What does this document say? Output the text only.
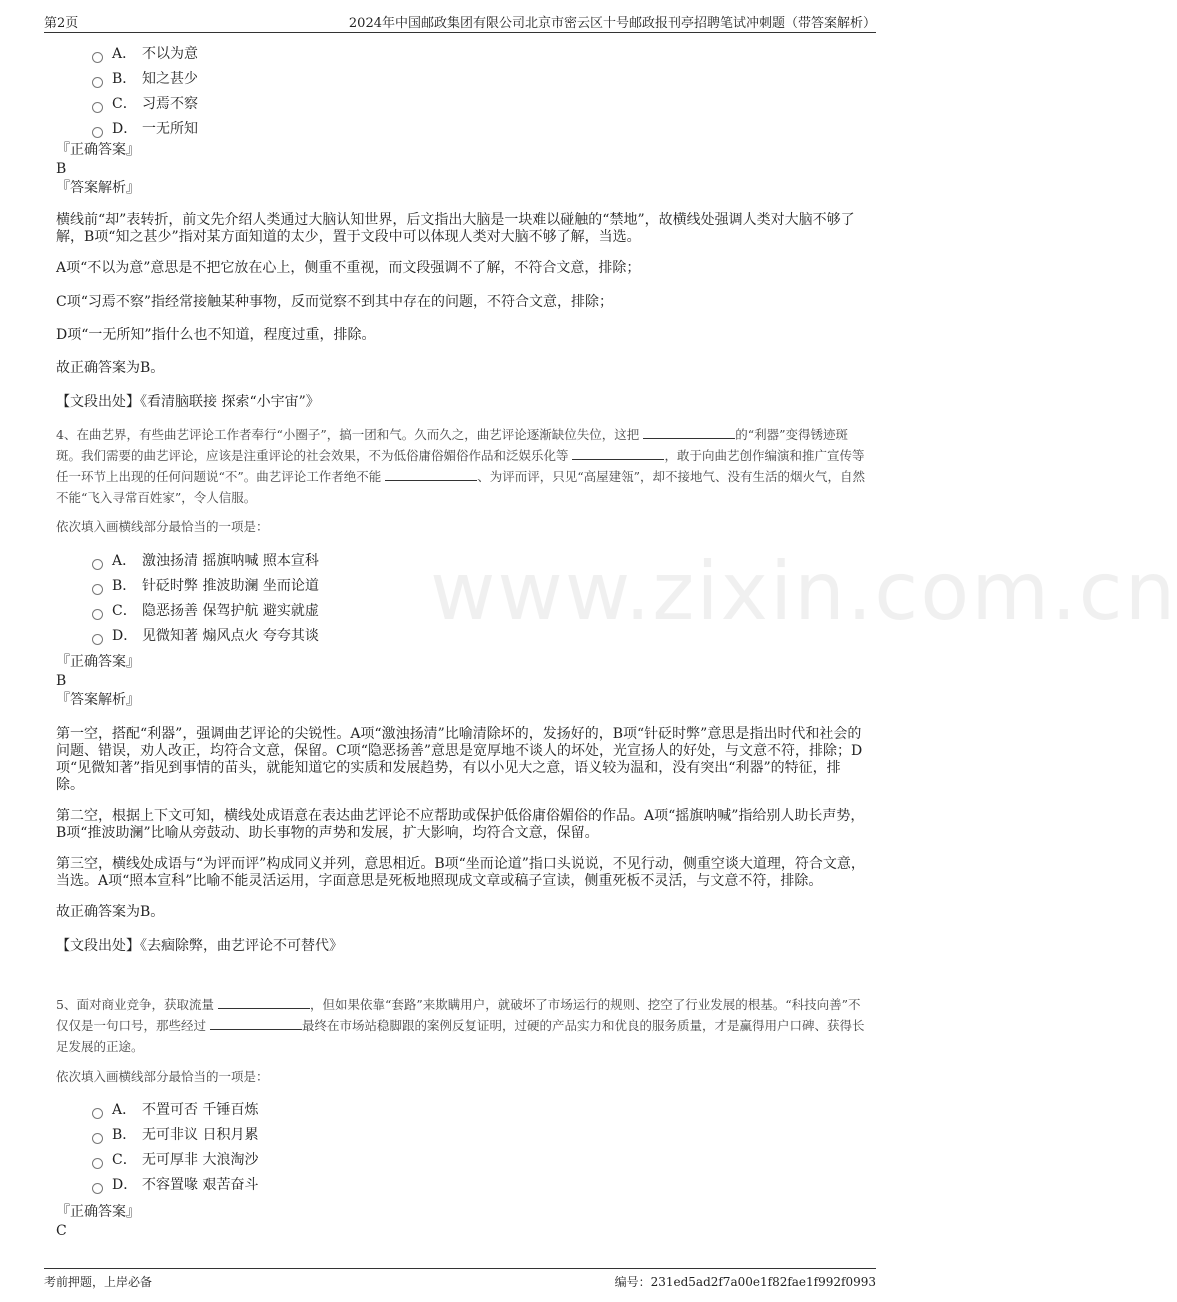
第2页	2024年中国邮政集团有限公司北京市密云区十号邮政报刊亭招聘笔试冲刺题（带答案解析）
www.zixin.com.cn
A． 不以为意
B． 知之甚少
C． 习焉不察
D． 一无所知
『正确答案』
B
『答案解析』

横线前“却”表转折，前文先介绍人类通过大脑认知世界，后文指出大脑是一块难以碰触的“禁地”，故横线处强调人类对大脑不够了解，B项“知之甚少”指对某方面知道的太少，置于文段中可以体现人类对大脑不够了解，当选。

A项“不以为意”意思是不把它放在心上，侧重不重视，而文段强调不了解，不符合文意，排除；

C项“习焉不察”指经常接触某种事物，反而觉察不到其中存在的问题，不符合文意，排除；

D项“一无所知”指什么也不知道，程度过重，排除。

故正确答案为B。

【文段出处】《看清脑联接 探索“小宇宙”》

4、在曲艺界，有些曲艺评论工作者奉行“小圈子”，搞一团和气。久而久之，曲艺评论逐渐缺位失位，这把	的“利器”变得锈迹斑斑。我们需要的曲艺评论，应该是注重评论的社会效果，不为低俗庸俗媚俗作品和泛娱乐化等	，敢于向曲艺创作编演和推广宣传等任一环节上出现的任何问题说“不”。曲艺评论工作者绝不能	、为评而评，只见“高屋建瓴”，却不接地气、没有生活的烟火气，自然不能“飞入寻常百姓家”，令人信服。
依次填入画横线部分最恰当的一项是：
A． 激浊扬清 摇旗呐喊 照本宣科
B． 针砭时弊 推波助澜 坐而论道
C． 隐恶扬善 保驾护航 避实就虚
D． 见微知著 煽风点火 夸夸其谈
『正确答案』
B
『答案解析』

第一空，搭配“利器”，强调曲艺评论的尖锐性。A项“激浊扬清”比喻清除坏的，发扬好的，B项“针砭时弊”意思是指出时代和社会的问题、错误，劝人改正，均符合文意，保留。C项“隐恶扬善”意思是宽厚地不谈人的坏处，光宣扬人的好处，与文意不符，排除；D项“见微知著”指见到事情的苗头，就能知道它的实质和发展趋势，有以小见大之意，语义较为温和，没有突出“利器”的特征，排除。

第二空，根据上下文可知，横线处成语意在表达曲艺评论不应帮助或保护低俗庸俗媚俗的作品。A项“摇旗呐喊”指给别人助长声势，B项“推波助澜”比喻从旁鼓动、助长事物的声势和发展，扩大影响，均符合文意，保留。

第三空，横线处成语与“为评而评”构成同义并列，意思相近。B项“坐而论道”指口头说说，不见行动，侧重空谈大道理，符合文意，当选。A项“照本宣科”比喻不能灵活运用，字面意思是死板地照现成文章或稿子宣读，侧重死板不灵活，与文意不符，排除。

故正确答案为B。

【文段出处】《去痼除弊，曲艺评论不可替代》

5、面对商业竞争，获取流量	，但如果依靠“套路”来欺瞒用户，就破坏了市场运行的规则、挖空了行业发展的根基。“科技向善”不仅仅是一句口号，那些经过	最终在市场站稳脚跟的案例反复证明，过硬的产品实力和优良的服务质量，才是赢得用户口碑、获得长足发展的正途。
依次填入画横线部分最恰当的一项是：
A． 不置可否 千锤百炼
B． 无可非议 日积月累
C． 无可厚非 大浪淘沙
D． 不容置喙 艰苦奋斗
『正确答案』
C
考前押题，上岸必备	编号：231ed5ad2f7a00e1f82fae1f992f0993
